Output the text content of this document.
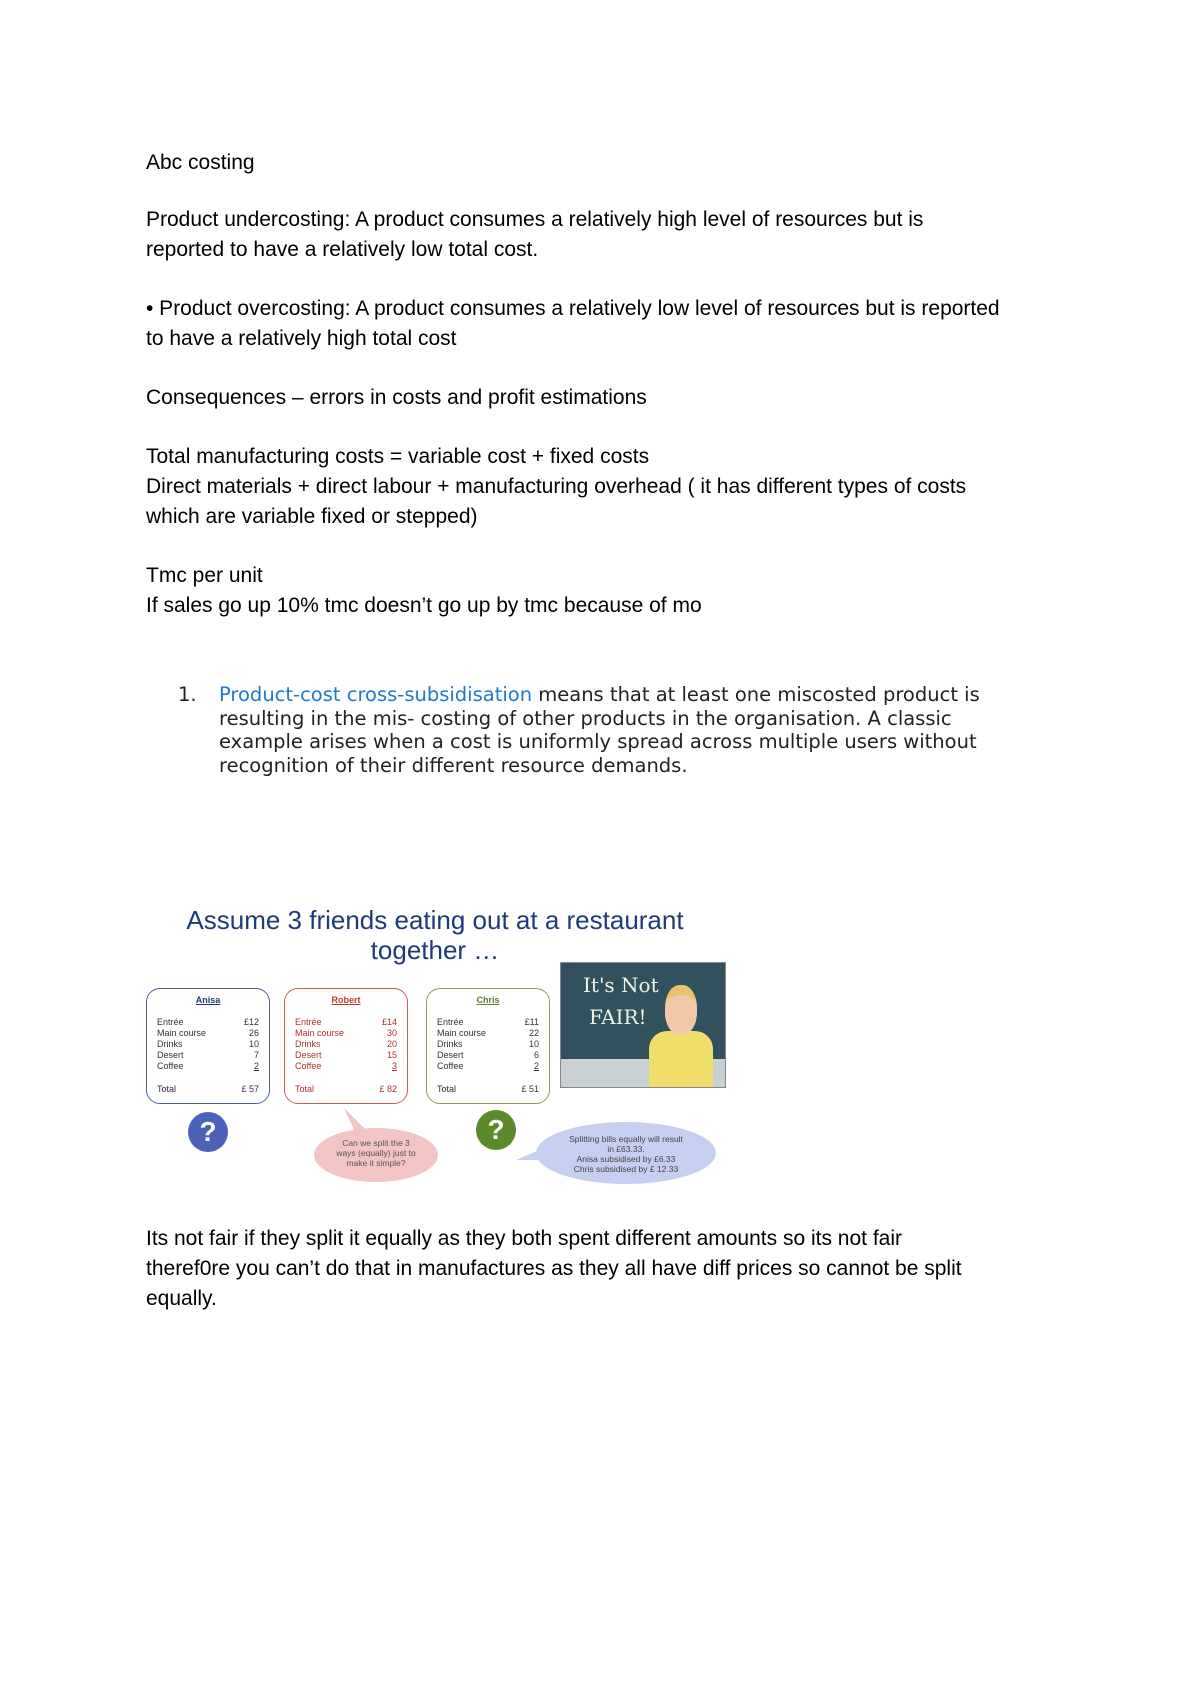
Abc costing
Product undercosting: A product consumes a relatively high level of resources but is
reported to have a relatively low total cost.
• Product overcosting: A product consumes a relatively low level of resources but is reported
to have a relatively high total cost
Consequences – errors in costs and profit estimations
Total manufacturing costs = variable cost + fixed costs
Direct materials + direct labour + manufacturing overhead ( it has different types of costs
which are variable fixed or stepped)
Tmc per unit
If sales go up 10% tmc doesn’t go up by tmc because of mo
1. Product-cost cross-subsidisation means that at least one miscosted product is
resulting in the mis- costing of other products in the organisation. A classic
example arises when a cost is uniformly spread across multiple users without
recognition of their different resource demands.
Assume 3 friends eating out at a restaurant
together …
Anisa
Entrée	£12
Main course	26
Drinks	10
Desert	7
Coffee	2
Total	£ 57
Robert
Entrée	£14
Main course	30
Drinks	20
Desert	15
Coffee	3
Total	£ 82
Chris
Entrée	£11
Main course	22
Drinks	10
Desert	6
Coffee	2
Total	£ 51
It's Not
FAIR!
?	?
Can we split the 3 ways (equally) just to make it simple?
Splitting bills equally will result
in £63.33.
Anisa subsidised by £6.33
Chris subsidised by £ 12.33
Its not fair if they split it equally as they both spent different amounts so its not fair
theref0re you can’t do that in manufactures as they all have diff prices so cannot be split
equally.
